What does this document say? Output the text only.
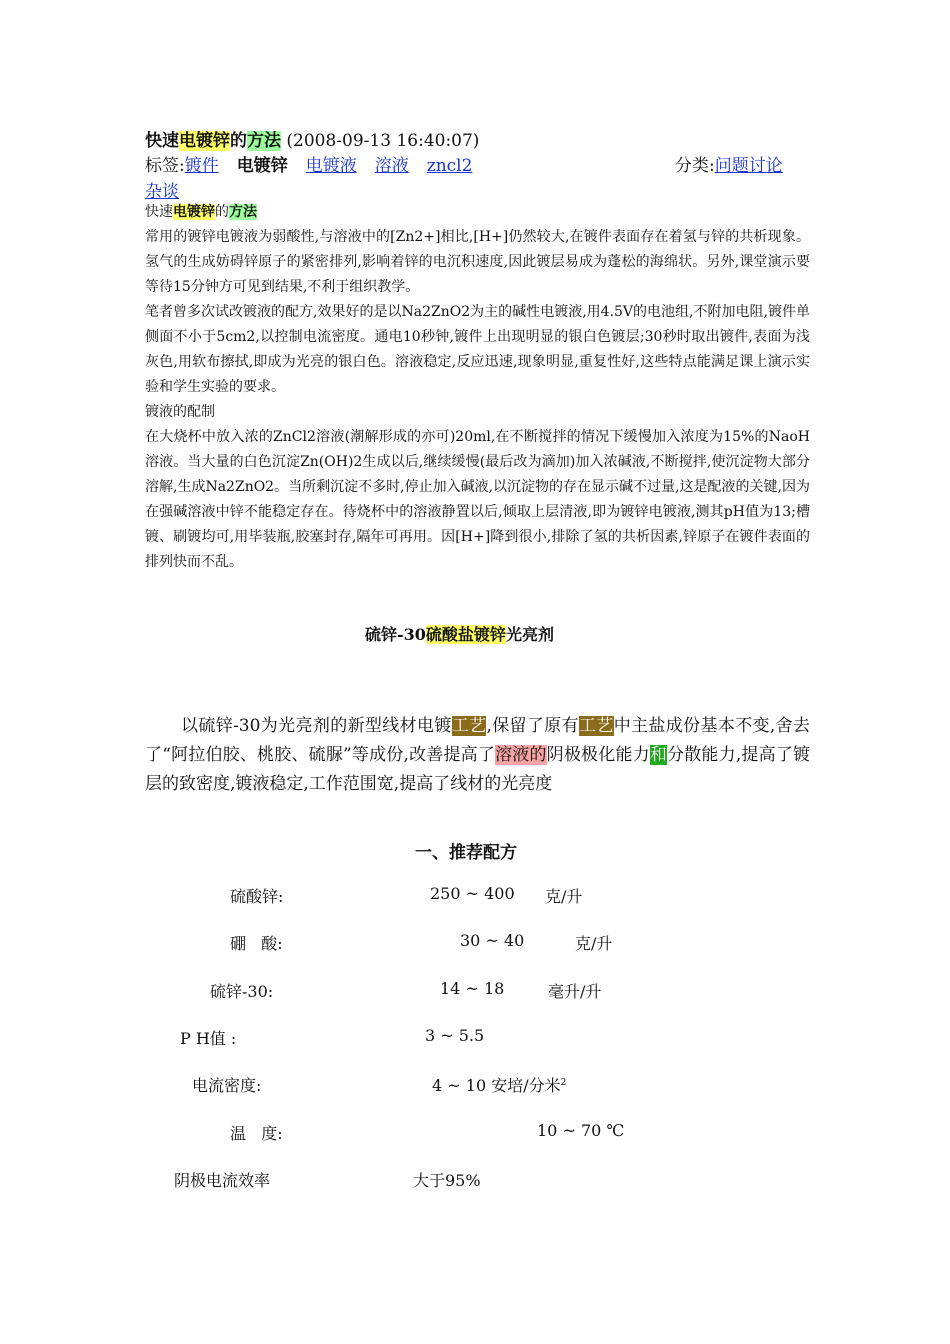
快速电镀锌的方法 (2008-09-13 16:40:07)
标签:镀件 电镀锌 电镀液 溶液 zncl2	分类:问题讨论
杂谈
快速电镀锌的方法

常用的镀锌电镀液为弱酸性,与溶液中的[Zn2+]相比,[H+]仍然较大,在镀件表面存在着氢与锌的共析现象。氢气的生成妨碍锌原子的紧密排列,影响着锌的电沉积速度,因此镀层易成为蓬松的海绵状。另外,课堂演示要等待15分钟方可见到结果,不利于组织教学。

笔者曾多次试改镀液的配方,效果好的是以Na2ZnO2为主的碱性电镀液,用4.5V的电池组,不附加电阻,镀件单侧面不小于5cm2,以控制电流密度。通电10秒钟,镀件上出现明显的银白色镀层;30秒时取出镀件,表面为浅灰色,用软布擦拭,即成为光亮的银白色。溶液稳定,反应迅速,现象明显,重复性好,这些特点能满足课上演示实验和学生实验的要求。

镀液的配制

在大烧杯中放入浓的ZnCl2溶液(潮解形成的亦可)20ml,在不断搅拌的情况下缓慢加入浓度为15%的NaoH溶液。当大量的白色沉淀Zn(OH)2生成以后,继续缓慢(最后改为滴加)加入浓碱液,不断搅拌,使沉淀物大部分溶解,生成Na2ZnO2。当所剩沉淀不多时,停止加入碱液,以沉淀物的存在显示碱不过量,这是配液的关键,因为在强碱溶液中锌不能稳定存在。待烧杯中的溶液静置以后,倾取上层清液,即为镀锌电镀液,测其pH值为13;槽镀、刷镀均可,用毕装瓶,胶塞封存,隔年可再用。因[H+]降到很小,排除了氢的共析因素,锌原子在镀件表面的排列快而不乱。

硫锌-30硫酸盐镀锌光亮剂

以硫锌-30为光亮剂的新型线材电镀工艺,保留了原有工艺中主盐成份基本不变,舍去了“阿拉伯胶、桃胶、硫脲”等成份,改善提高了溶液的阴极极化能力和分散能力,提高了镀层的致密度,镀液稳定,工作范围宽,提高了线材的光亮度

一、推荐配方
硫酸锌:	250 ~ 400 克/升
硼   酸:	30 ~ 40	克/升
硫锌-30:	14 ~ 18	毫升/升
P H值 :	3 ~ 5.5
电流密度:	4 ~ 10 安培/分米$^2$
温   度:	10 ~ 70 ℃
阴极电流效率	大于95%
